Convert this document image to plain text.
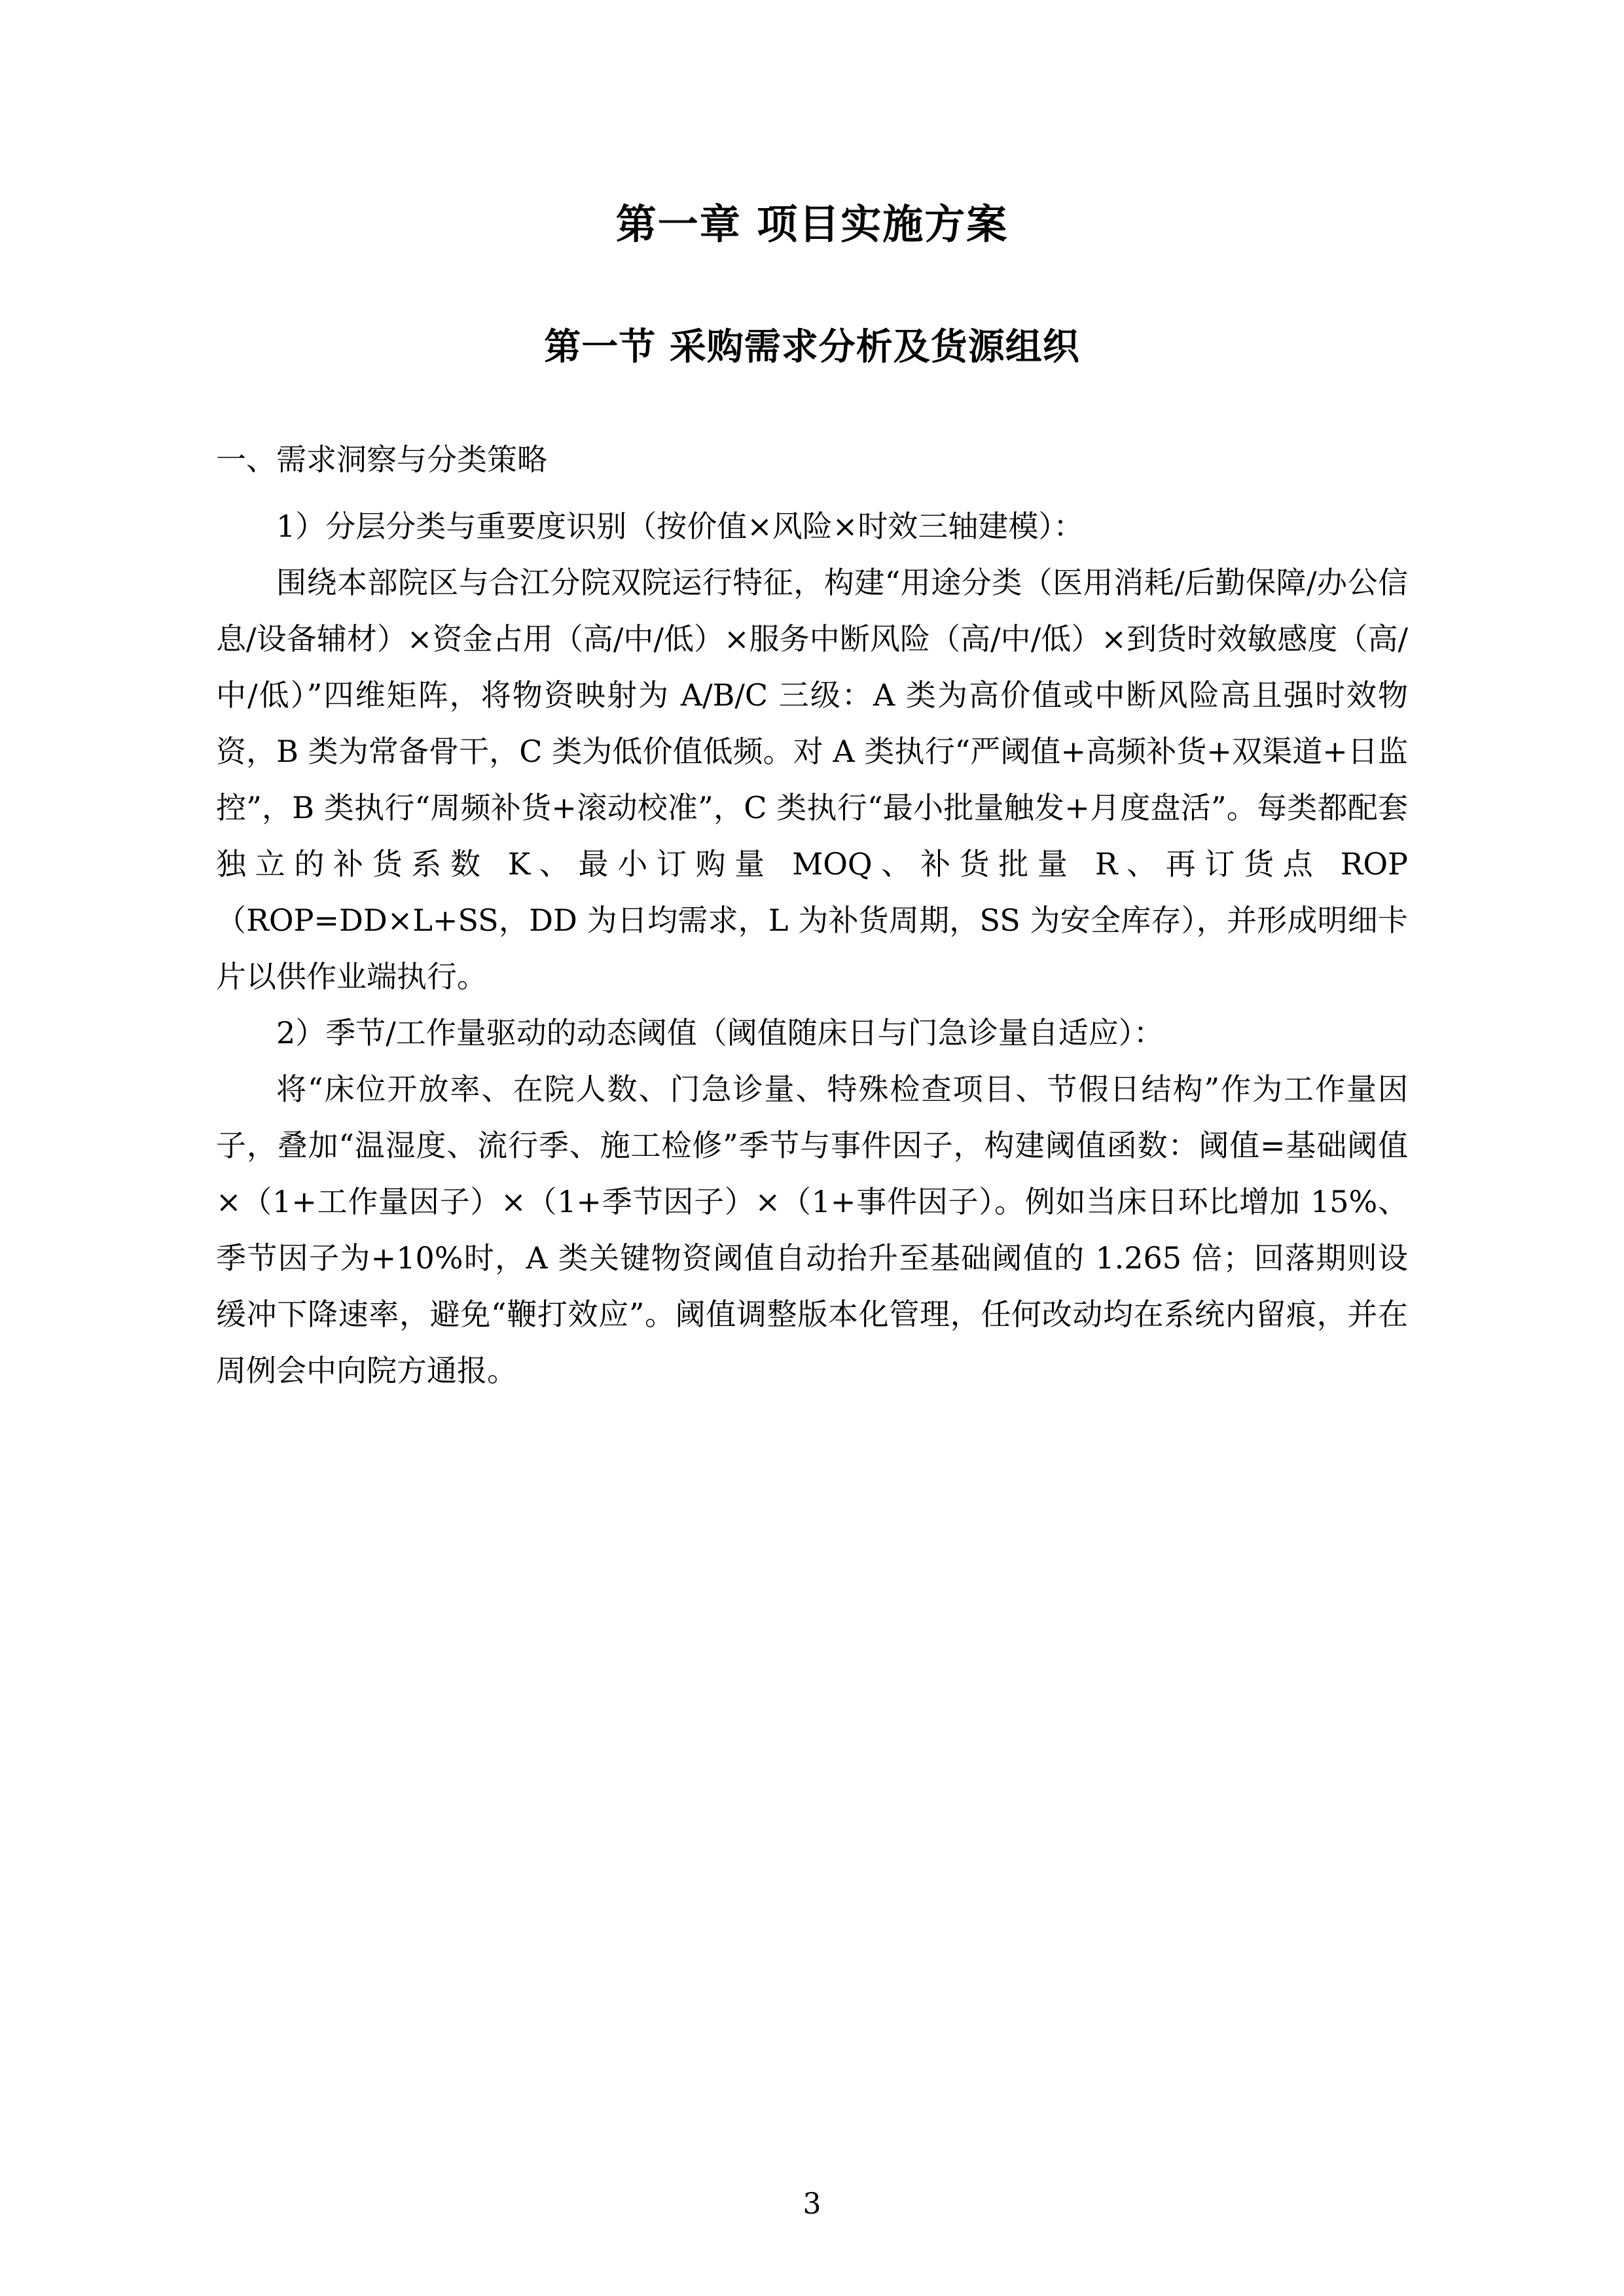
第一章 项目实施方案
第一节 采购需求分析及货源组织

一、需求洞察与分类策略

1）分层分类与重要度识别（按价值×风险×时效三轴建模）：

围绕本部院区与合江分院双院运行特征，构建“用途分类（医用消耗/后勤保障/办公信息/设备辅材）×资金占用（高/中/低）×服务中断风险（高/中/低）×到货时效敏感度（高/中/低）”四维矩阵，将物资映射为 A/B/C 三级：A 类为高价值或中断风险高且强时效物资，B 类为常备骨干，C 类为低价值低频。对 A 类执行“严阈值+高频补货+双渠道+日监控”，B 类执行“周频补货+滚动校准”，C 类执行“最小批量触发+月度盘活”。每类都配套独立的补货系数 K、最小订购量 MOQ、补货批量 R、再订货点 ROP（ROP=DD×L+SS，DD 为日均需求，L 为补货周期，SS 为安全库存），并形成明细卡片以供作业端执行。

2）季节/工作量驱动的动态阈值（阈值随床日与门急诊量自适应）：

将“床位开放率、在院人数、门急诊量、特殊检查项目、节假日结构”作为工作量因子，叠加“温湿度、流行季、施工检修”季节与事件因子，构建阈值函数：阈值=基础阈值×（1+工作量因子）×（1+季节因子）×（1+事件因子）。例如当床日环比增加 15%、季节因子为+10%时，A 类关键物资阈值自动抬升至基础阈值的 1.265 倍；回落期则设缓冲下降速率，避免“鞭打效应”。阈值调整版本化管理，任何改动均在系统内留痕，并在周例会中向院方通报。

3
